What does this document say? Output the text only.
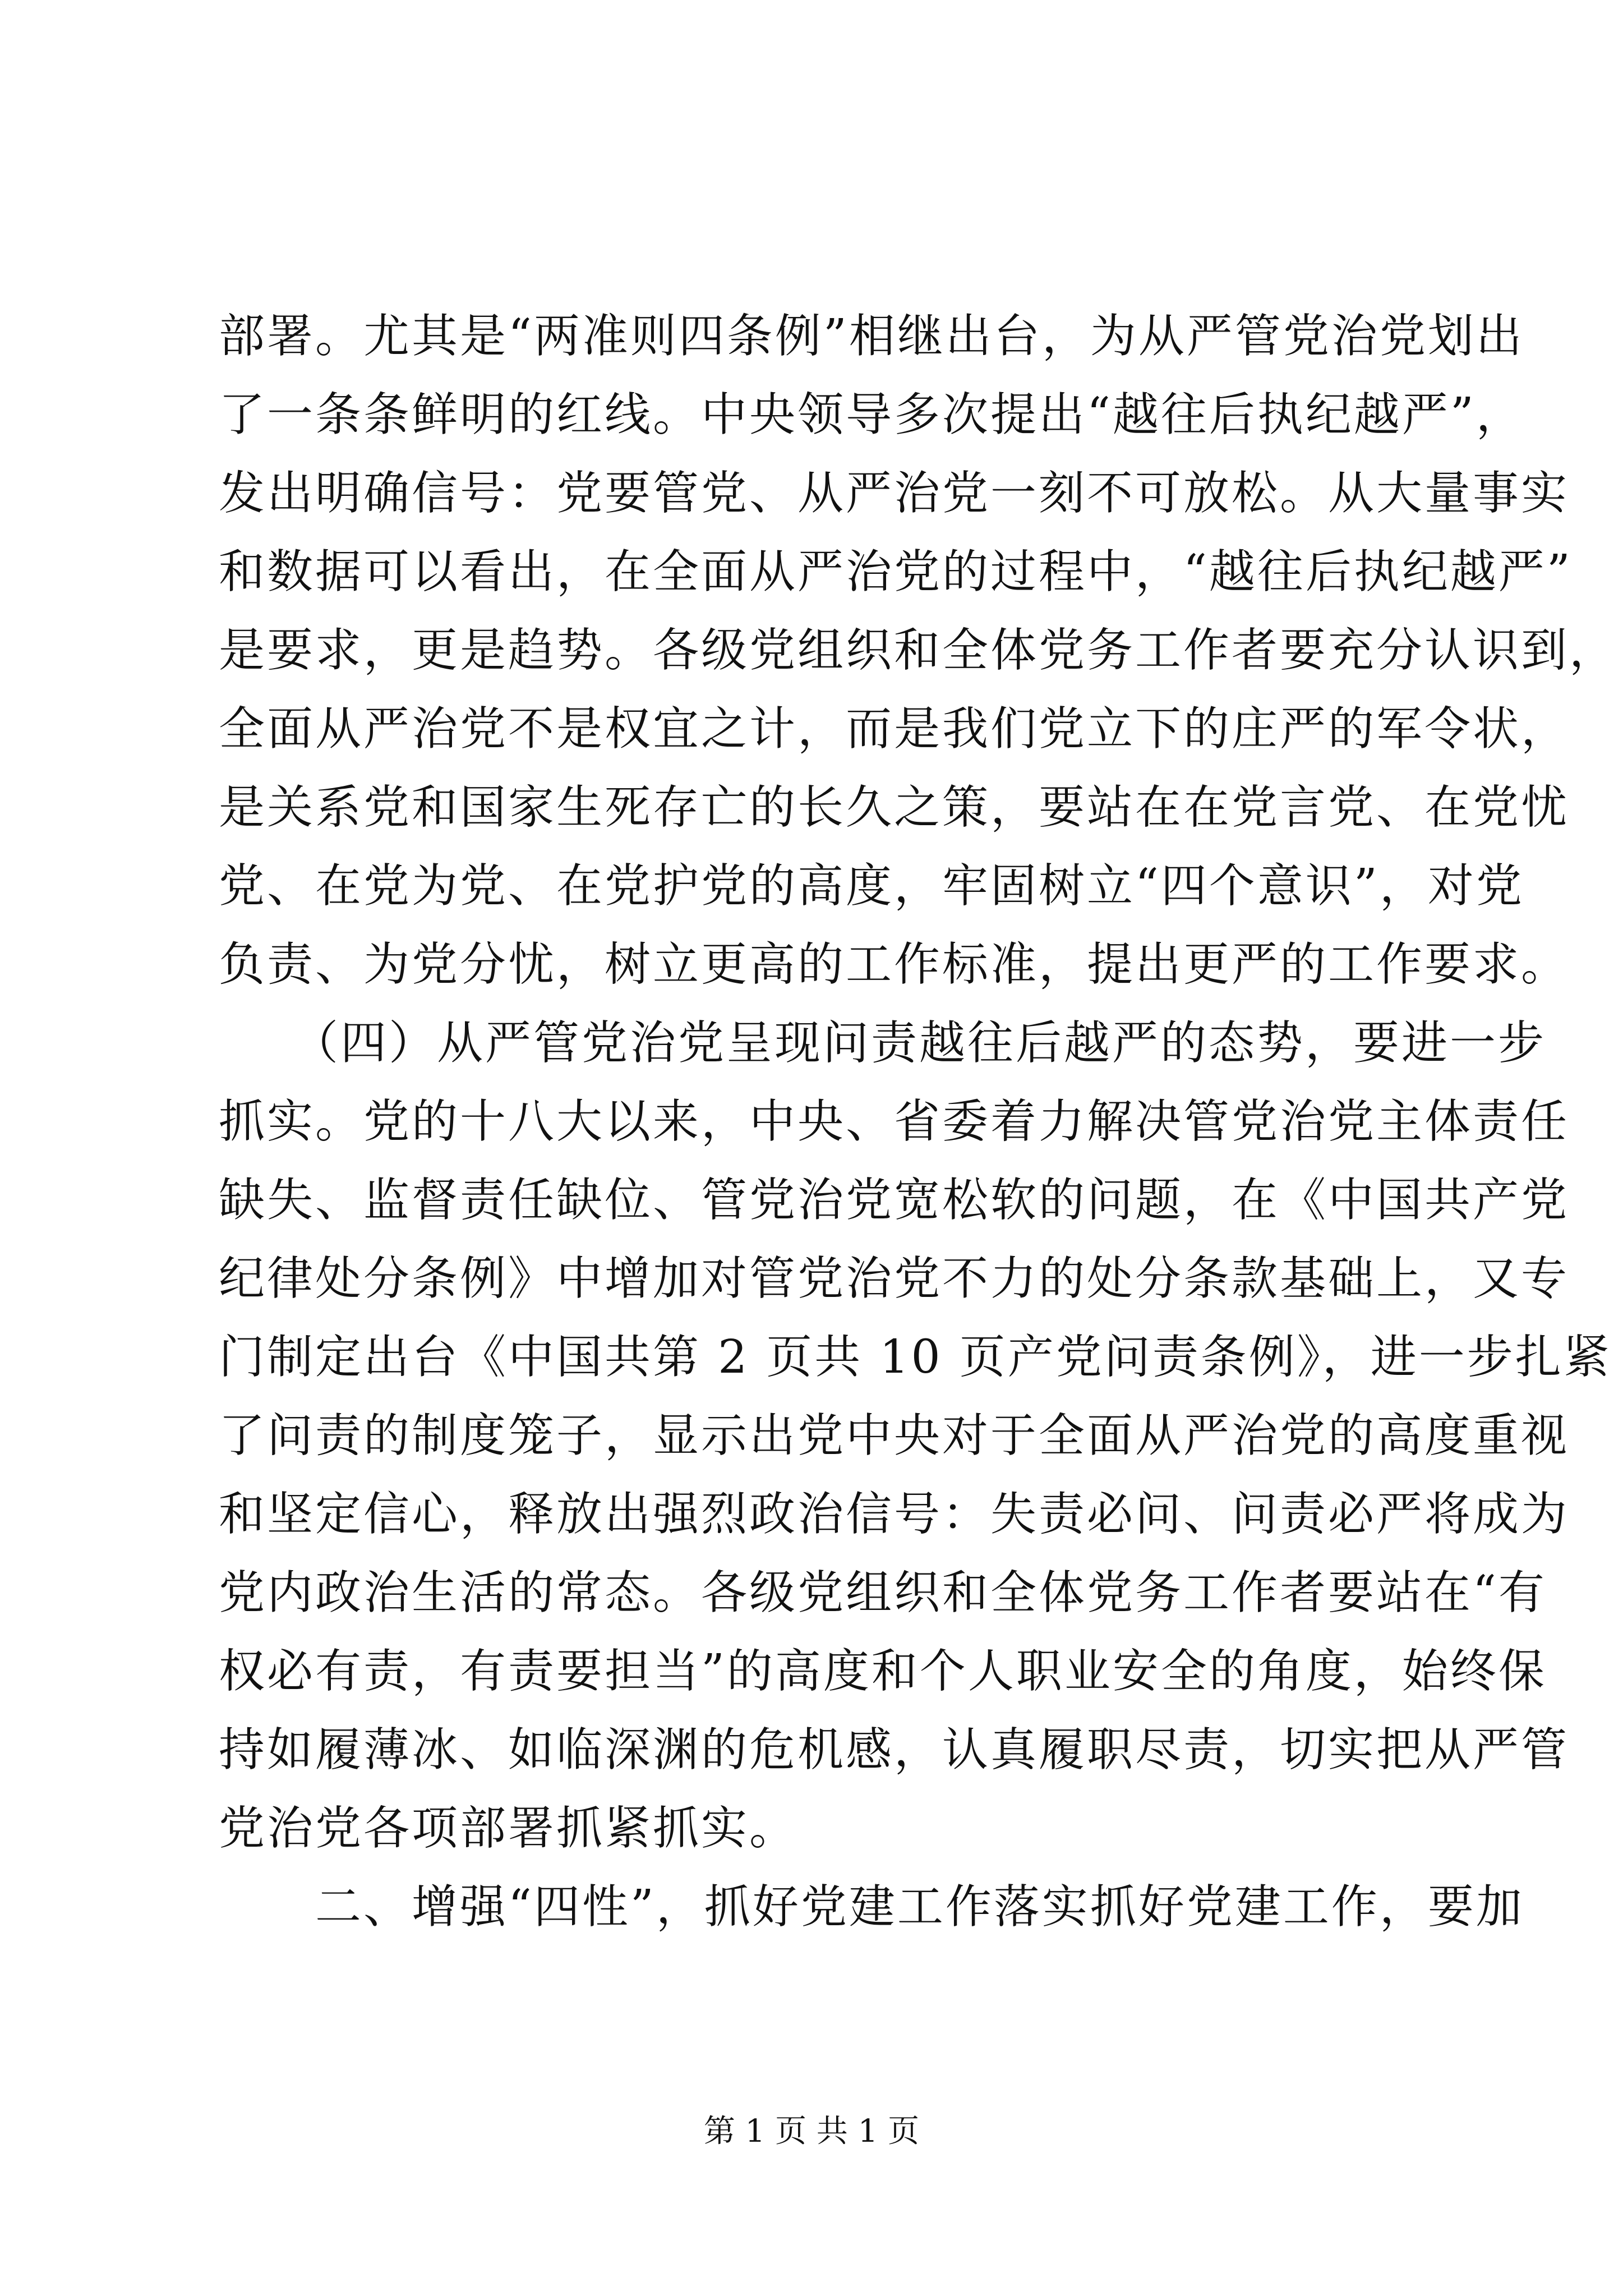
部署。尤其是“两准则四条例”相继出台，为从严管党治党划出
了一条条鲜明的红线。中央领导多次提出“越往后执纪越严”，
发出明确信号：党要管党、从严治党一刻不可放松。从大量事实
和数据可以看出，在全面从严治党的过程中，“越往后执纪越严”
是要求，更是趋势。各级党组织和全体党务工作者要充分认识到，
全面从严治党不是权宜之计，而是我们党立下的庄严的军令状，
是关系党和国家生死存亡的长久之策，要站在在党言党、在党忧
党、在党为党、在党护党的高度，牢固树立“四个意识”，对党
负责、为党分忧，树立更高的工作标准，提出更严的工作要求。
　　（四）从严管党治党呈现问责越往后越严的态势，要进一步
抓实。党的十八大以来，中央、省委着力解决管党治党主体责任
缺失、监督责任缺位、管党治党宽松软的问题，在《中国共产党
纪律处分条例》中增加对管党治党不力的处分条款基础上，又专
门制定出台《中国共第 2 页共 10 页产党问责条例》，进一步扎紧
了问责的制度笼子，显示出党中央对于全面从严治党的高度重视
和坚定信心，释放出强烈政治信号：失责必问、问责必严将成为
党内政治生活的常态。各级党组织和全体党务工作者要站在“有
权必有责，有责要担当”的高度和个人职业安全的角度，始终保
持如履薄冰、如临深渊的危机感，认真履职尽责，切实把从严管
党治党各项部署抓紧抓实。
　　二、增强“四性”，抓好党建工作落实抓好党建工作，要加
第 1 页 共 1 页
